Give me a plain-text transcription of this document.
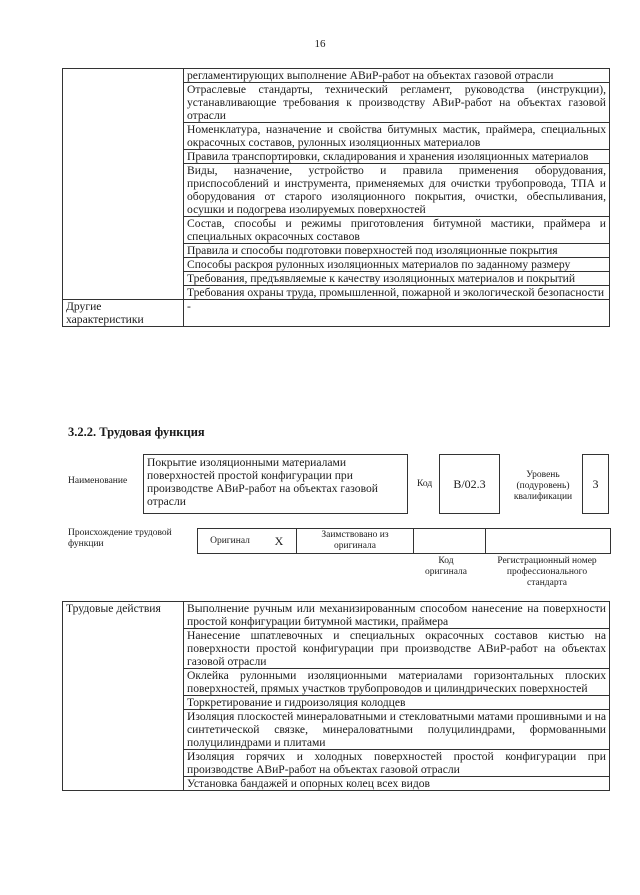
16
	регламентирующих выполнение АВиР-работ на объектах газовой отрасли
	Отраслевые стандарты, технический регламент, руководства (инструкции), устанавливающие требования к производству АВиР-работ на объектах газовой отрасли
	Номенклатура, назначение и свойства битумных мастик, праймера, специальных окрасочных составов, рулонных изоляционных материалов
	Правила транспортировки, складирования и хранения изоляционных материалов
	Виды, назначение, устройство и правила применения оборудования, приспособлений и инструмента, применяемых для очистки трубопровода, ТПА и оборудования от старого изоляционного покрытия, очистки, обеспыливания, осушки и подогрева изолируемых поверхностей
	Состав, способы и режимы приготовления битумной мастики, праймера и специальных окрасочных составов
	Правила и способы подготовки поверхностей под изоляционные покрытия
	Способы раскроя рулонных изоляционных материалов по заданному размеру
	Требования, предъявляемые к качеству изоляционных материалов и покрытий
	Требования охраны труда, промышленной, пожарной и экологической безопасности
Другие характеристики	-
3.2.2. Трудовая функция
Наименование
Покрытие изоляционными материалами поверхностей простой конфигурации при производстве АВиР-работ на объектах газовой отрасли
Код	В/02.3
Уровень (подуровень) квалификации
3
Происхождение трудовой функции	Оригинал	X	Заимствовано из оригинала		
Код оригинала
Регистрационный номер профессионального стандарта
Трудовые действия	Выполнение ручным или механизированным способом нанесение на поверхности простой конфигурации битумной мастики, праймера
Нанесение шпатлевочных и специальных окрасочных составов кистью на поверхности простой конфигурации при производстве АВиР-работ на объектах газовой отрасли
Оклейка рулонными изоляционными материалами горизонтальных плоских поверхностей, прямых участков трубопроводов и цилиндрических поверхностей
Торкретирование и гидроизоляция колодцев
Изоляция плоскостей минераловатными и стекловатными матами прошивными и на синтетической связке, минераловатными полуцилиндрами, формованными полуцилиндрами и плитами
Изоляция горячих и холодных поверхностей простой конфигурации при производстве АВиР-работ на объектах газовой отрасли
Установка бандажей и опорных колец всех видов
